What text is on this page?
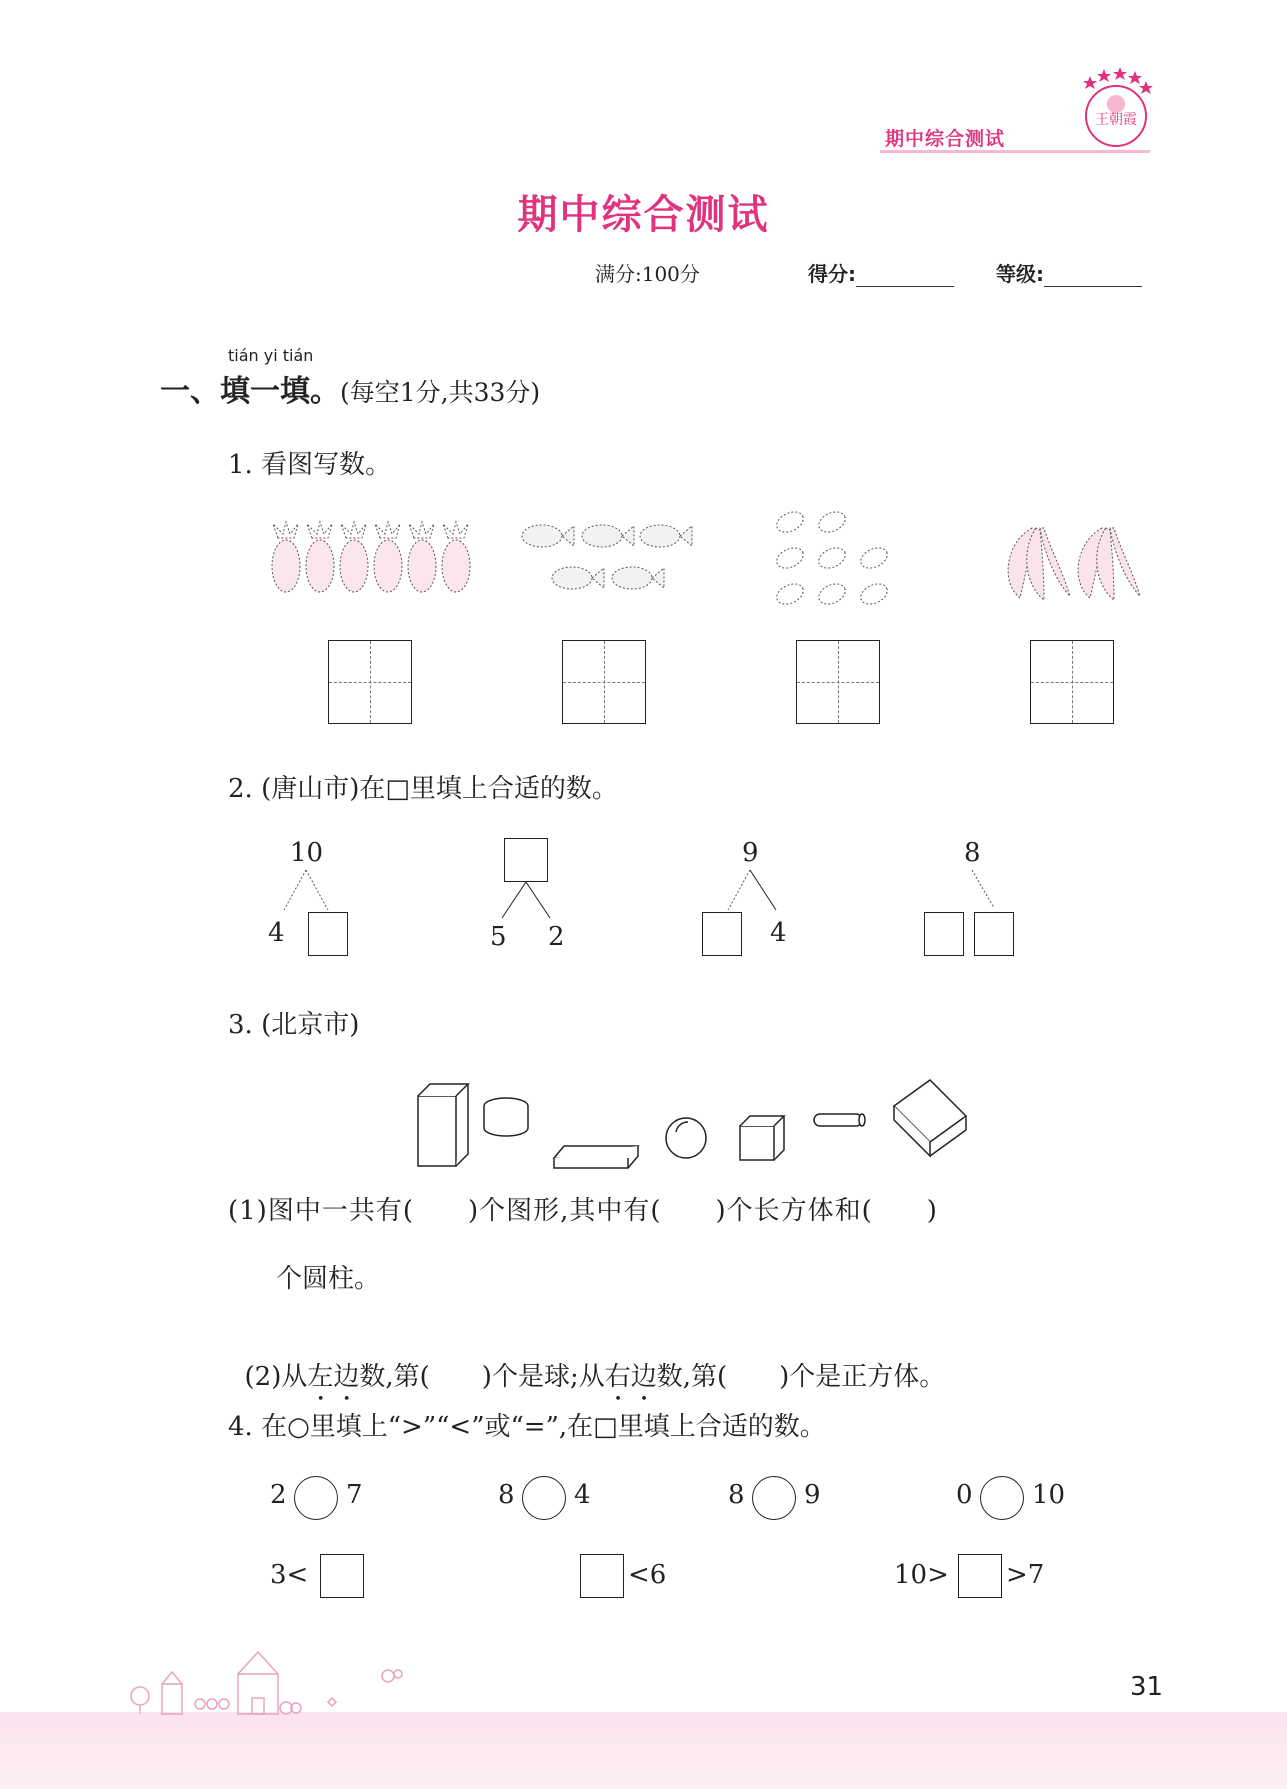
王朝霞
期中综合测试
期中综合测试
满分:100分	得分:	等级:
tián yi tián
一、填一填。(每空1分,共33分)
1. 看图写数。
2. (唐山市)在□里填上合适的数。
10
4	5 2
9
4
8
3. (北京市)
(1)图中一共有(　　)个图形,其中有(　　)个长方体和(　　)
个圆柱。

(2)从左边数,第(　　)个是球;从右边数,第(　　)个是正方体。

4. 在○里填上“>”“<”或“=”,在□里填上合适的数。
2 7	8 4	8 9	0 10
3<	<6	10> >7
31
